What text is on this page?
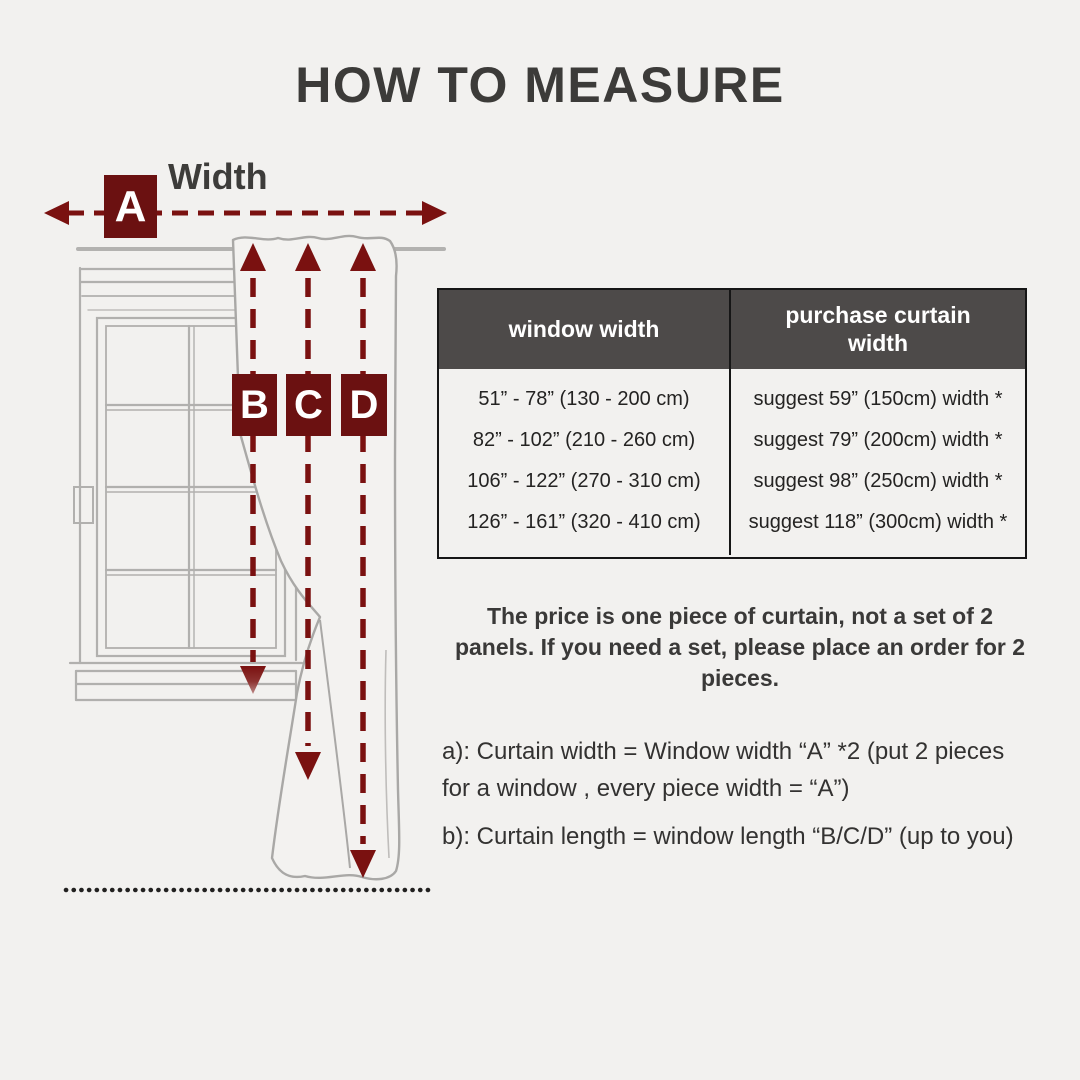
HOW TO MEASURE
Width
A
B C D
window width
purchase curtain width
51” - 78” (130 - 200 cm)
82” - 102” (210 - 260 cm)
106” - 122” (270 - 310 cm)
126” - 161” (320 - 410 cm)
suggest 59” (150cm) width *
suggest 79” (200cm) width *
suggest 98” (250cm) width *
suggest 118” (300cm) width *
The price is one piece of curtain, not a set of 2
panels. If you need a set, please place an order for 2
pieces.
a): Curtain width = Window width “A” *2 (put 2 pieces
for a window , every piece width = “A”)
b): Curtain length = window length “B/C/D” (up to you)
